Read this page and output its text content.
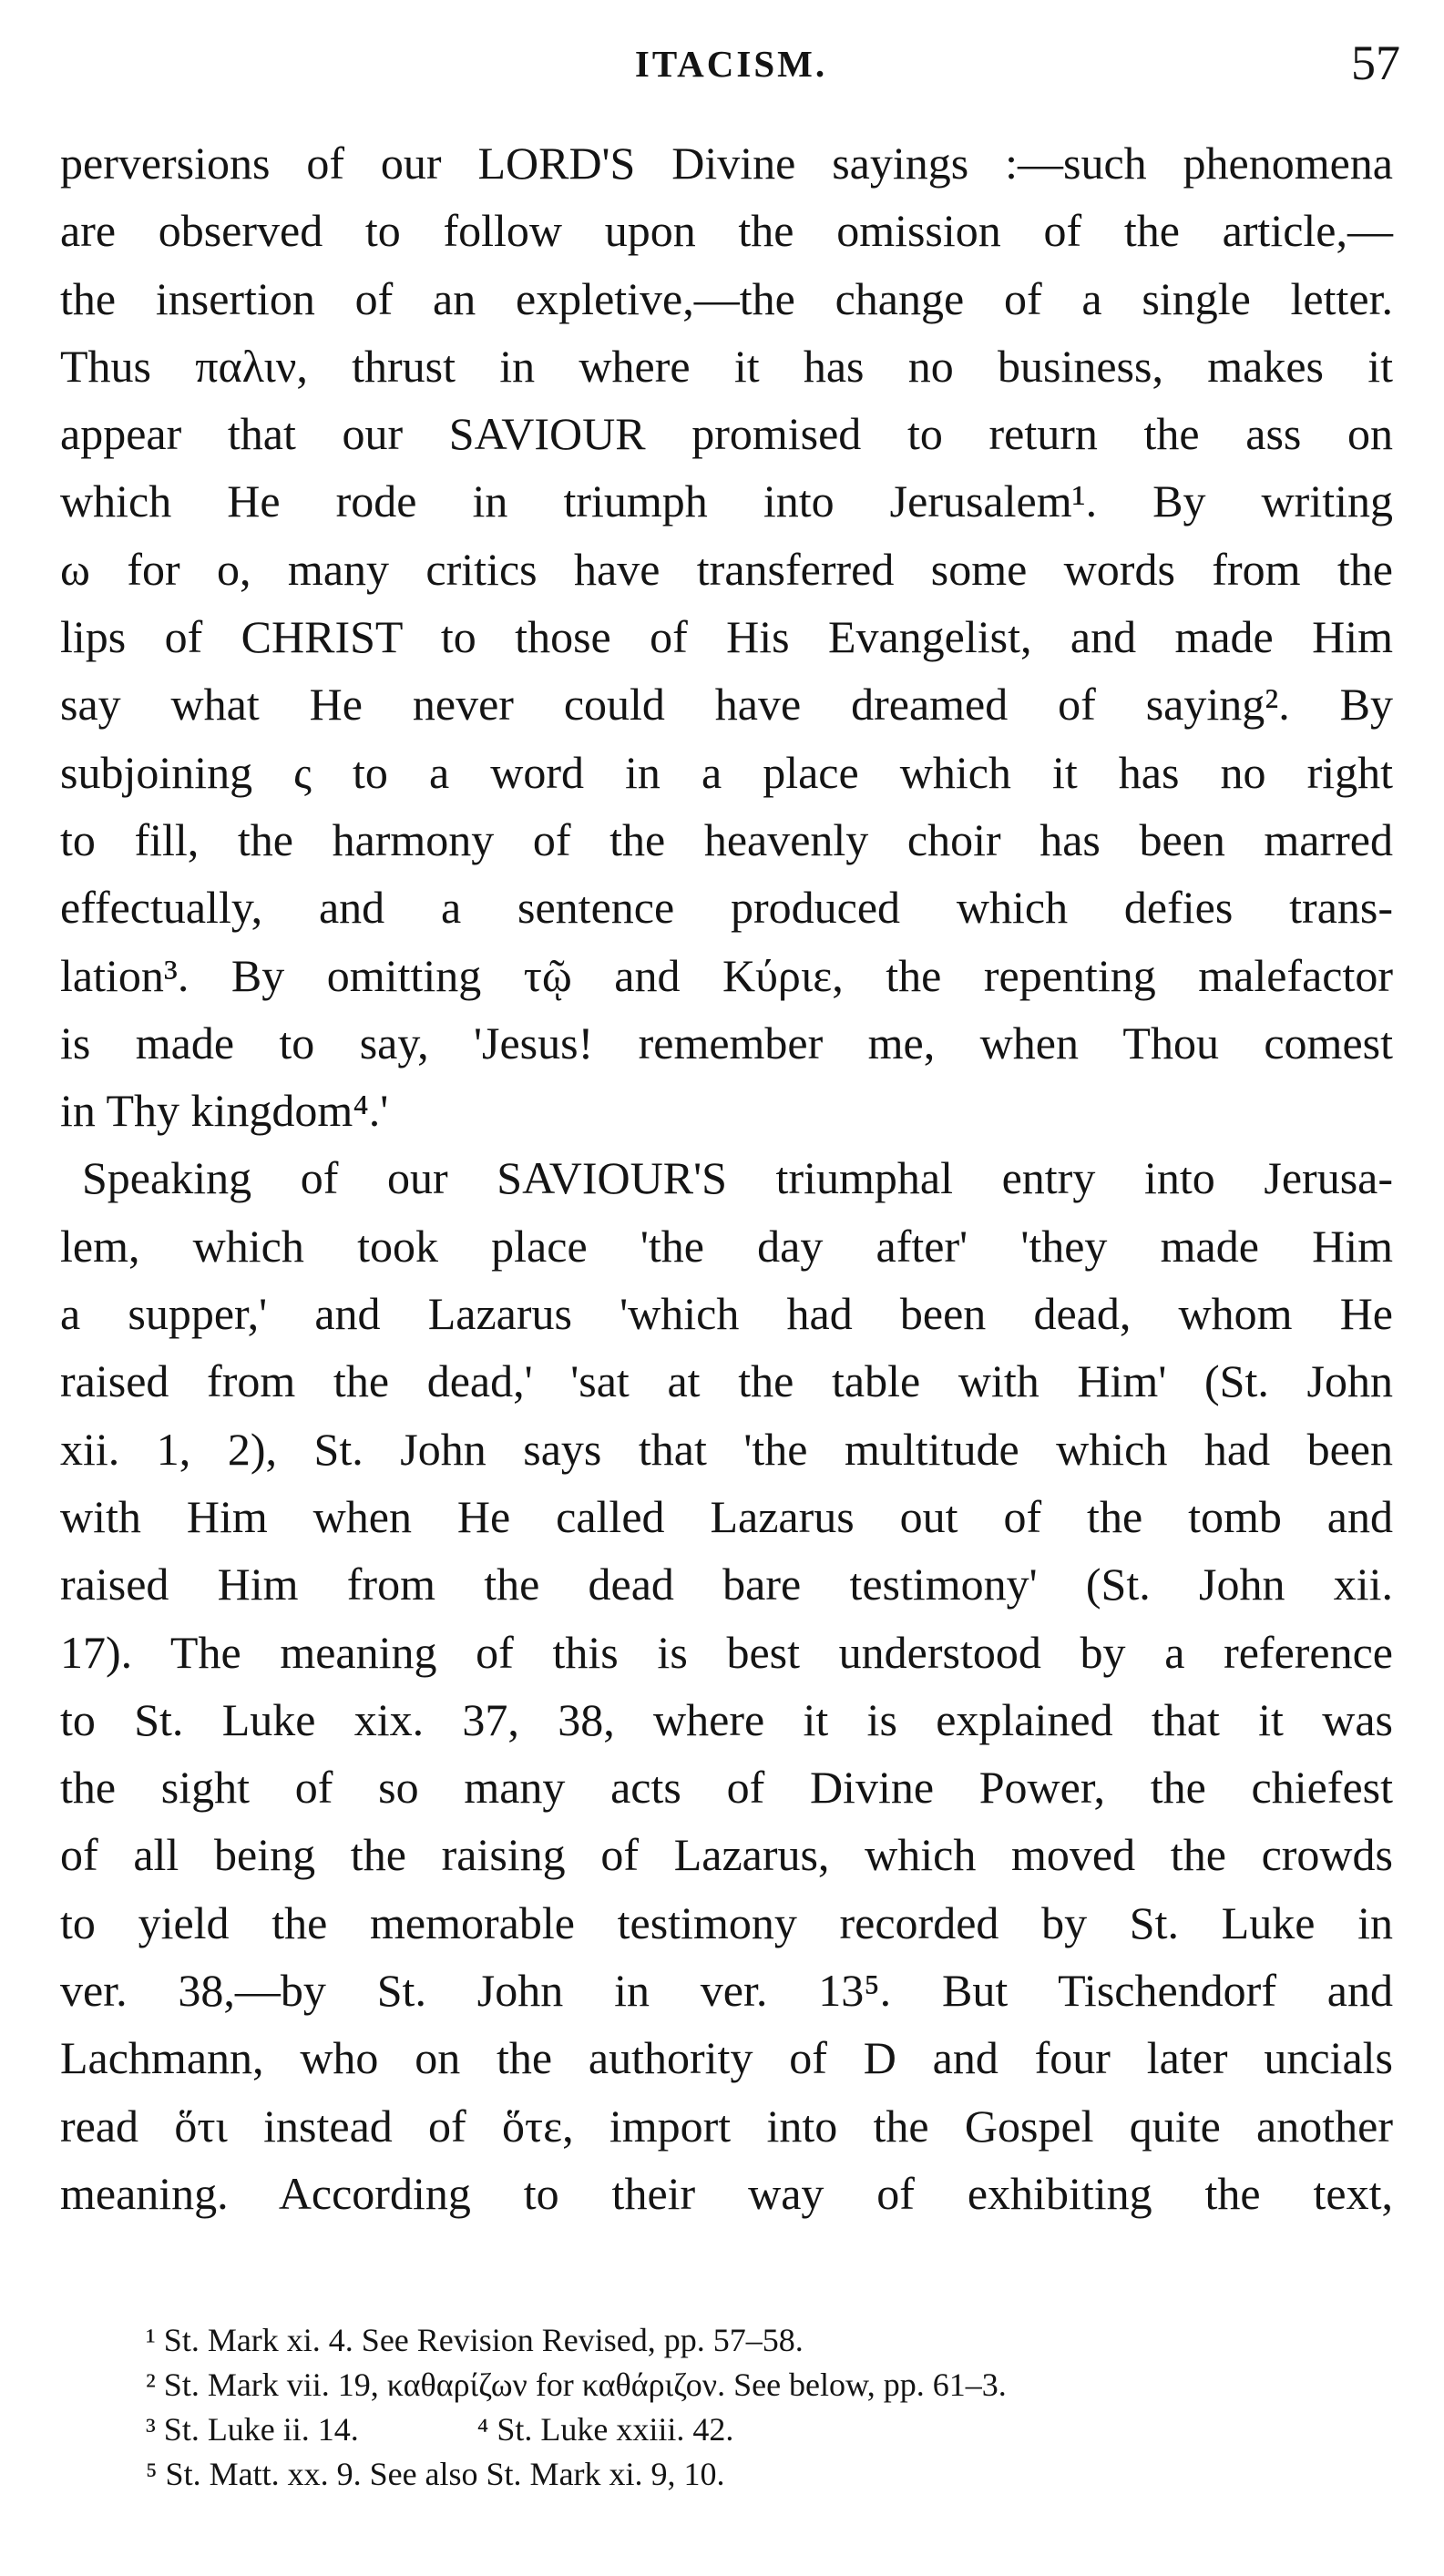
ITACISM.	57
perversions of our LORD'S Divine sayings :—such phenomena
are observed to follow upon the omission of the article,—
the insertion of an expletive,—the change of a single letter.
Thus παλιν, thrust in where it has no business, makes it
appear that our SAVIOUR promised to return the ass on
which He rode in triumph into Jerusalem¹. By writing
ω for ο, many critics have transferred some words from the
lips of CHRIST to those of His Evangelist, and made Him
say what He never could have dreamed of saying². By
subjoining ς to a word in a place which it has no right
to fill, the harmony of the heavenly choir has been marred
effectually, and a sentence produced which defies trans-
lation³. By omitting τῷ and Κύριε, the repenting malefactor
is made to say, 'Jesus! remember me, when Thou comest
in Thy kingdom⁴.'
Speaking of our SAVIOUR'S triumphal entry into Jerusa-
lem, which took place 'the day after' 'they made Him
a supper,' and Lazarus 'which had been dead, whom He
raised from the dead,' 'sat at the table with Him' (St. John
xii. 1, 2), St. John says that 'the multitude which had been
with Him when He called Lazarus out of the tomb and
raised Him from the dead bare testimony' (St. John xii.
17). The meaning of this is best understood by a reference
to St. Luke xix. 37, 38, where it is explained that it was
the sight of so many acts of Divine Power, the chiefest
of all being the raising of Lazarus, which moved the crowds
to yield the memorable testimony recorded by St. Luke in
ver. 38,—by St. John in ver. 13⁵. But Tischendorf and
Lachmann, who on the authority of D and four later uncials
read ὅτι instead of ὅτε, import into the Gospel quite another
meaning. According to their way of exhibiting the text,
¹ St. Mark xi. 4. See Revision Revised, pp. 57–58.
² St. Mark vii. 19, καθαρίζων for καθάριζον. See below, pp. 61–3.
³ St. Luke ii. 14.	⁴ St. Luke xxiii. 42.
⁵ St. Matt. xx. 9. See also St. Mark xi. 9, 10.
